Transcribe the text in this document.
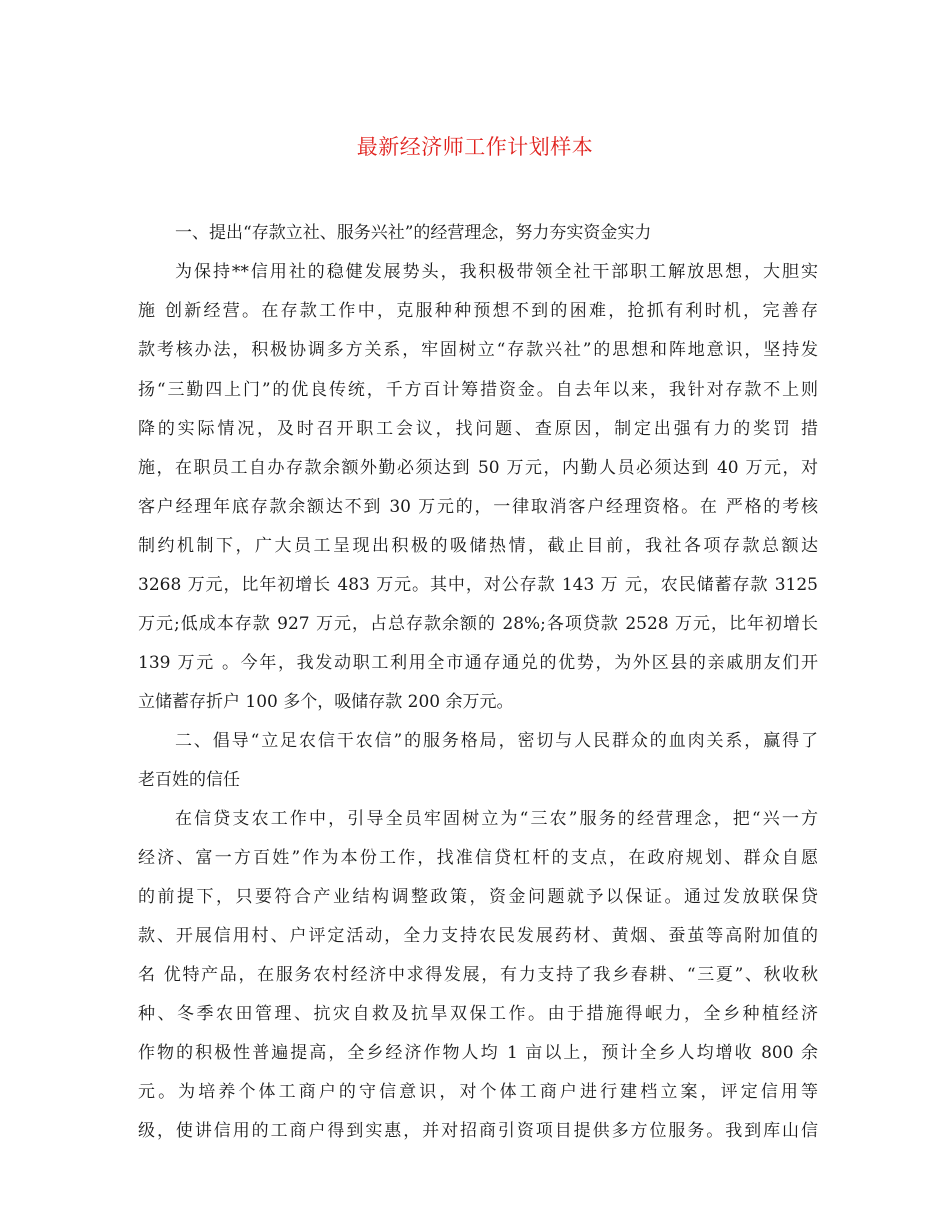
最新经济师工作计划样本
一、提出“存款立社、服务兴社”的经营理念，努力夯实资金实力
为保持**信用社的稳健发展势头，我积极带领全社干部职工解放思想，大胆实
施 创新经营。在存款工作中，克服种种预想不到的困难，抢抓有利时机，完善存
款考核办法，积极协调多方关系，牢固树立“存款兴社”的思想和阵地意识，坚持发
扬“三勤四上门”的优良传统，千方百计筹措资金。自去年以来，我针对存款不上则
降的实际情况，及时召开职工会议，找问题、查原因，制定出强有力的奖罚 措
施，在职员工自办存款余额外勤必须达到 50 万元，内勤人员必须达到 40 万元，对
客户经理年底存款余额达不到 30 万元的，一律取消客户经理资格。在 严格的考核
制约机制下，广大员工呈现出积极的吸储热情，截止目前，我社各项存款总额达
3268 万元，比年初增长 483 万元。其中，对公存款 143 万 元，农民储蓄存款 3125
万元;低成本存款 927 万元，占总存款余额的 28%;各项贷款 2528 万元，比年初增长
139 万元 。今年，我发动职工利用全市通存通兑的优势，为外区县的亲戚朋友们开
立储蓄存折户 100 多个，吸储存款 200 余万元。
二、倡导“立足农信干农信”的服务格局，密切与人民群众的血肉关系，赢得了
老百姓的信任
在信贷支农工作中，引导全员牢固树立为“三农”服务的经营理念，把“兴一方
经济、富一方百姓”作为本份工作，找准信贷杠杆的支点，在政府规划、群众自愿
的前提下，只要符合产业结构调整政策，资金问题就予以保证。通过发放联保贷
款、开展信用村、户评定活动，全力支持农民发展药材、黄烟、蚕茧等高附加值的
名 优特产品，在服务农村经济中求得发展，有力支持了我乡春耕、“三夏”、秋收秋
种、冬季农田管理、抗灾自救及抗旱双保工作。由于措施得岷力，全乡种植经济
作物的积极性普遍提高，全乡经济作物人均 1 亩以上，预计全乡人均增收 800 余
元。为培养个体工商户的守信意识，对个体工商户进行建档立案，评定信用等
级，使讲信用的工商户得到实惠，并对招商引资项目提供多方位服务。我到库山信
